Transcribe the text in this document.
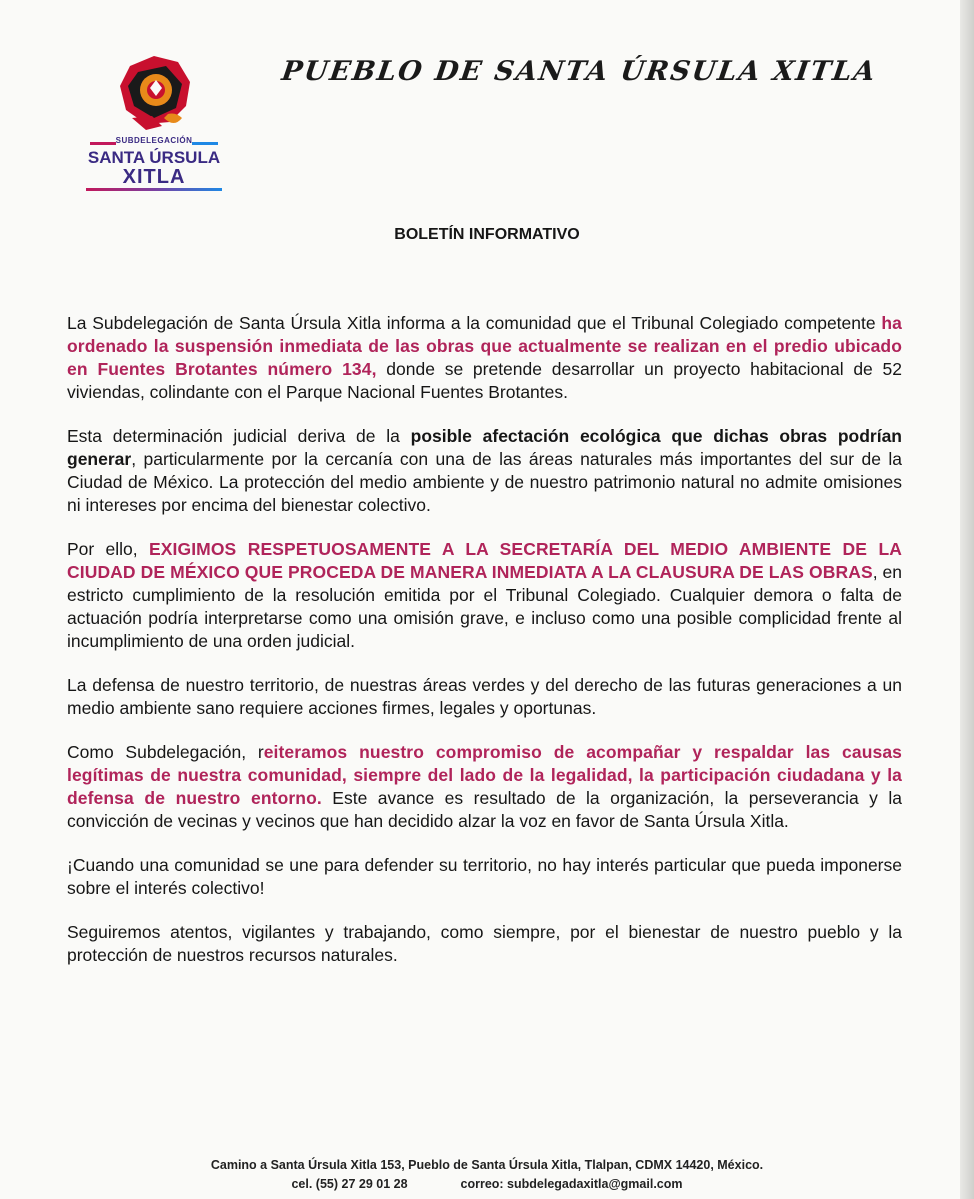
SUBDELEGACIÓN
SANTA ÚRSULA
XITLA
PUEBLO DE SANTA ÚRSULA XITLA
BOLETÍN INFORMATIVO

La Subdelegación de Santa Úrsula Xitla informa a la comunidad que el Tribunal Colegiado competente ha ordenado la suspensión inmediata de las obras que actualmente se realizan en el predio ubicado en Fuentes Brotantes número 134, donde se pretende desarrollar un proyecto habitacional de 52 viviendas, colindante con el Parque Nacional Fuentes Brotantes.

Esta determinación judicial deriva de la posible afectación ecológica que dichas obras podrían generar, particularmente por la cercanía con una de las áreas naturales más importantes del sur de la Ciudad de México. La protección del medio ambiente y de nuestro patrimonio natural no admite omisiones ni intereses por encima del bienestar colectivo.

Por ello, EXIGIMOS RESPETUOSAMENTE A LA SECRETARÍA DEL MEDIO AMBIENTE DE LA CIUDAD DE MÉXICO QUE PROCEDA DE MANERA INMEDIATA A LA CLAUSURA DE LAS OBRAS, en estricto cumplimiento de la resolución emitida por el Tribunal Colegiado. Cualquier demora o falta de actuación podría interpretarse como una omisión grave, e incluso como una posible complicidad frente al incumplimiento de una orden judicial.

La defensa de nuestro territorio, de nuestras áreas verdes y del derecho de las futuras generaciones a un medio ambiente sano requiere acciones firmes, legales y oportunas.

Como Subdelegación, reiteramos nuestro compromiso de acompañar y respaldar las causas legítimas de nuestra comunidad, siempre del lado de la legalidad, la participación ciudadana y la defensa de nuestro entorno. Este avance es resultado de la organización, la perseverancia y la convicción de vecinas y vecinos que han decidido alzar la voz en favor de Santa Úrsula Xitla.

¡Cuando una comunidad se une para defender su territorio, no hay interés particular que pueda imponerse sobre el interés colectivo!

Seguiremos atentos, vigilantes y trabajando, como siempre, por el bienestar de nuestro pueblo y la protección de nuestros recursos naturales.

Camino a Santa Úrsula Xitla 153, Pueblo de Santa Úrsula Xitla, Tlalpan, CDMX 14420, México.
cel. (55) 27 29 01 28	correo: subdelegadaxitla@gmail.com
